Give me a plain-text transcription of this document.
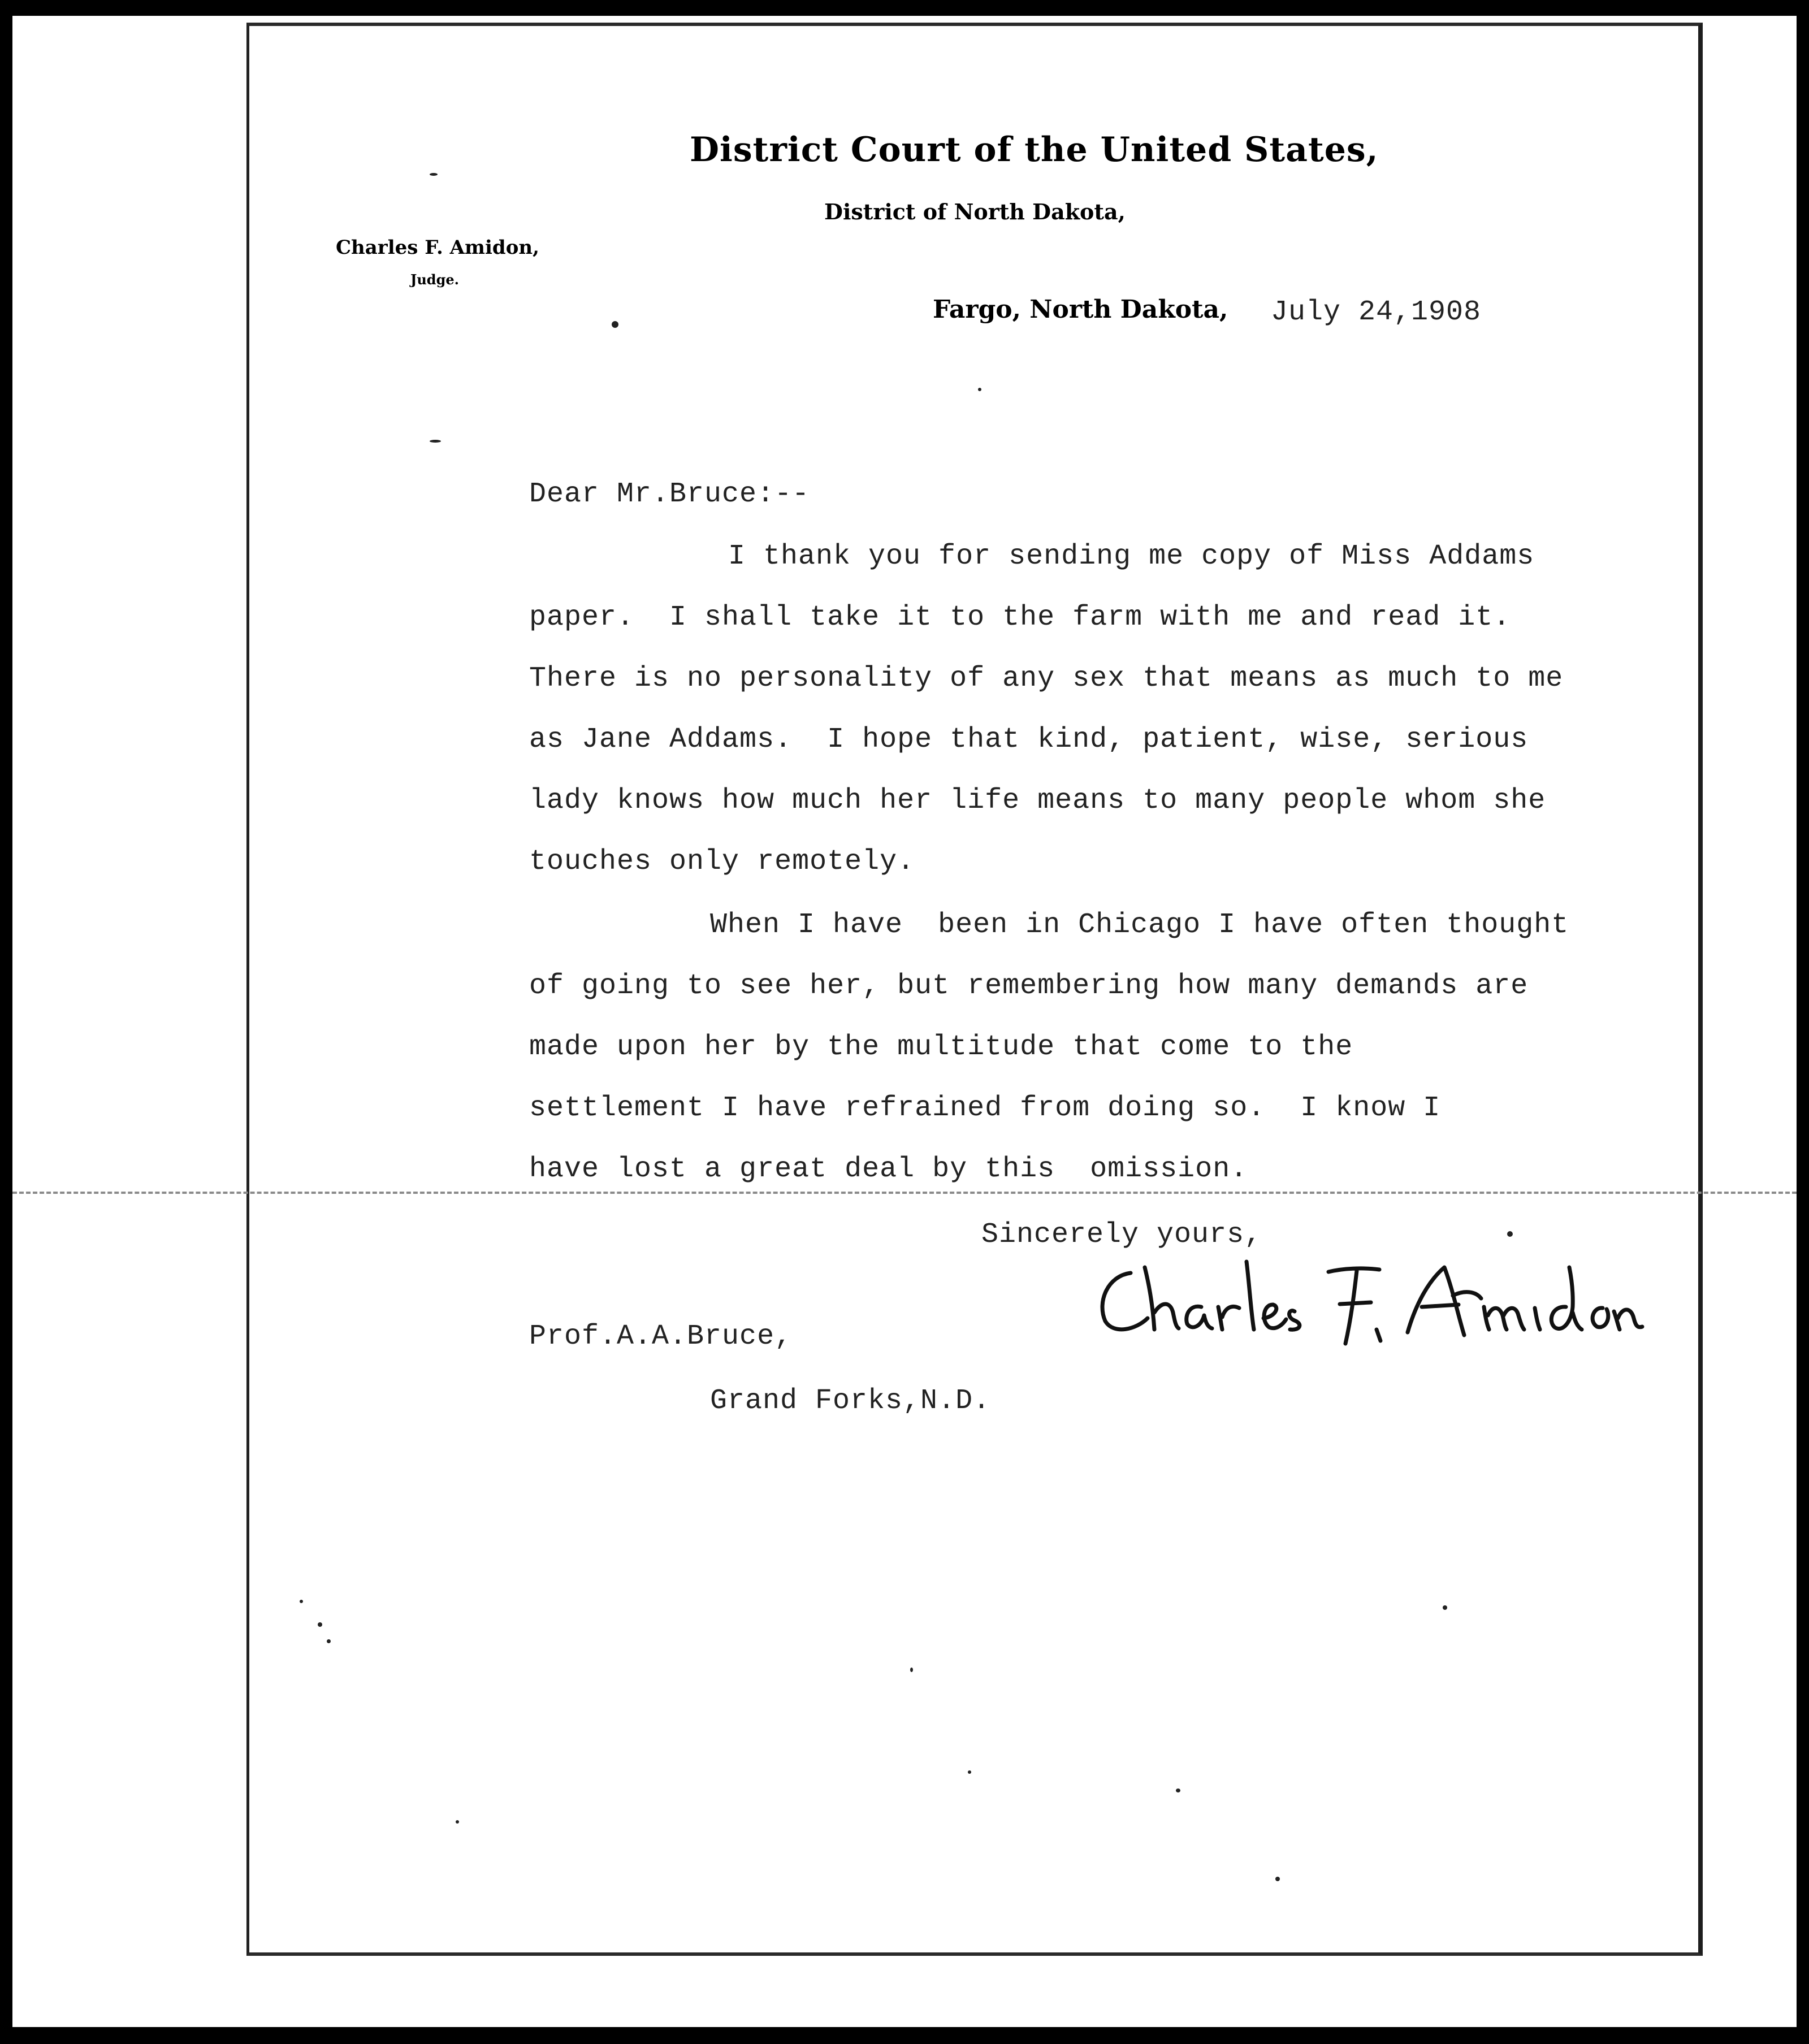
District Court of the United States,
District of North Dakota,
Charles F. Amidon,
Judge.
Fargo, North Dakota, July 24,1908
Dear Mr.Bruce:--
I thank you for sending me copy of Miss Addams
paper.  I shall take it to the farm with me and read it.
There is no personality of any sex that means as much to me
as Jane Addams.  I hope that kind, patient, wise, serious
lady knows how much her life means to many people whom she
touches only remotely.
When I have  been in Chicago I have often thought
of going to see her, but remembering how many demands are
made upon her by the multitude that come to the
settlement I have refrained from doing so.  I know I
have lost a great deal by this  omission.
Sincerely yours,
Prof.A.A.Bruce,
Grand Forks,N.D.
